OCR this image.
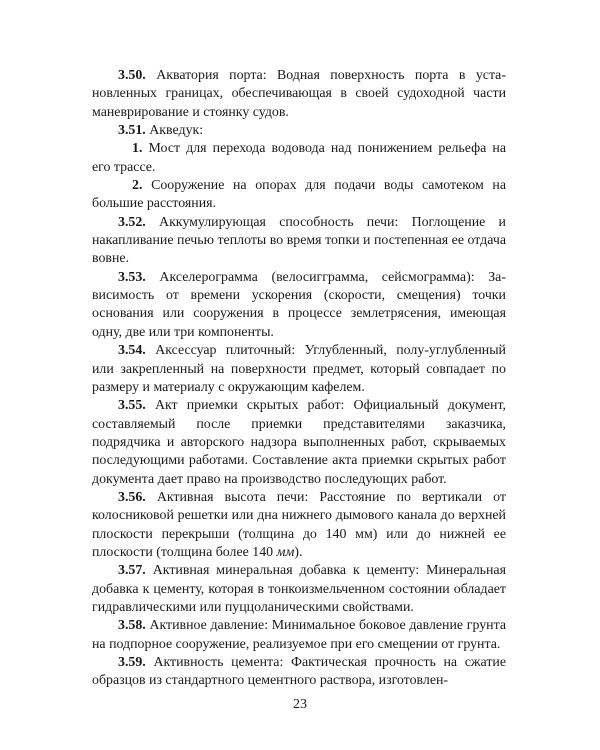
3.50. Акватория порта: Водная поверхность порта в установленных границах, обеспечивающая в своей судоходной части маневрирование и стоянку судов.

3.51. Акведук:

1. Мост для перехода водовода над понижением рельефа на его трассе.

2. Сооружение на опорах для подачи воды самотеком на большие расстояния.

3.52. Аккумулирующая способность печи: Поглощение и накапливание печью теплоты во время топки и постепенная ее отдача вовне.

3.53. Акселерограмма (велосигграмма, сейсмограмма): Зависимость от времени ускорения (скорости, смещения) точки основания или сооружения в процессе землетрясения, имеющая одну, две или три компоненты.

3.54. Аксессуар плиточный: Углубленный, полу-углубленный или закрепленный на поверхности предмет, который совпадает по размеру и материалу с окружающим кафелем.

3.55. Акт приемки скрытых работ: Официальный документ, составляемый после приемки представителями заказчика, подрядчика и авторского надзора выполненных работ, скрываемых последующими работами. Составление акта приемки скрытых работ документа дает право на производство последующих работ.

3.56. Активная высота печи: Расстояние по вертикали от колосниковой решетки или дна нижнего дымового канала до верхней плоскости перекрыши (толщина до 140 мм) или до нижней ее плоскости (толщина более 140 мм).

3.57. Активная минеральная добавка к цементу: Минеральная добавка к цементу, которая в тонкоизмельченном состоянии обладает гидравлическими или пуццоланическими свойствами.

3.58. Активное давление: Минимальное боковое давление грунта на подпорное сооружение, реализуемое при его смещении от грунта.

3.59. Активность цемента: Фактическая прочность на сжатие образцов из стандартного цементного раствора, изготовлен-

23
